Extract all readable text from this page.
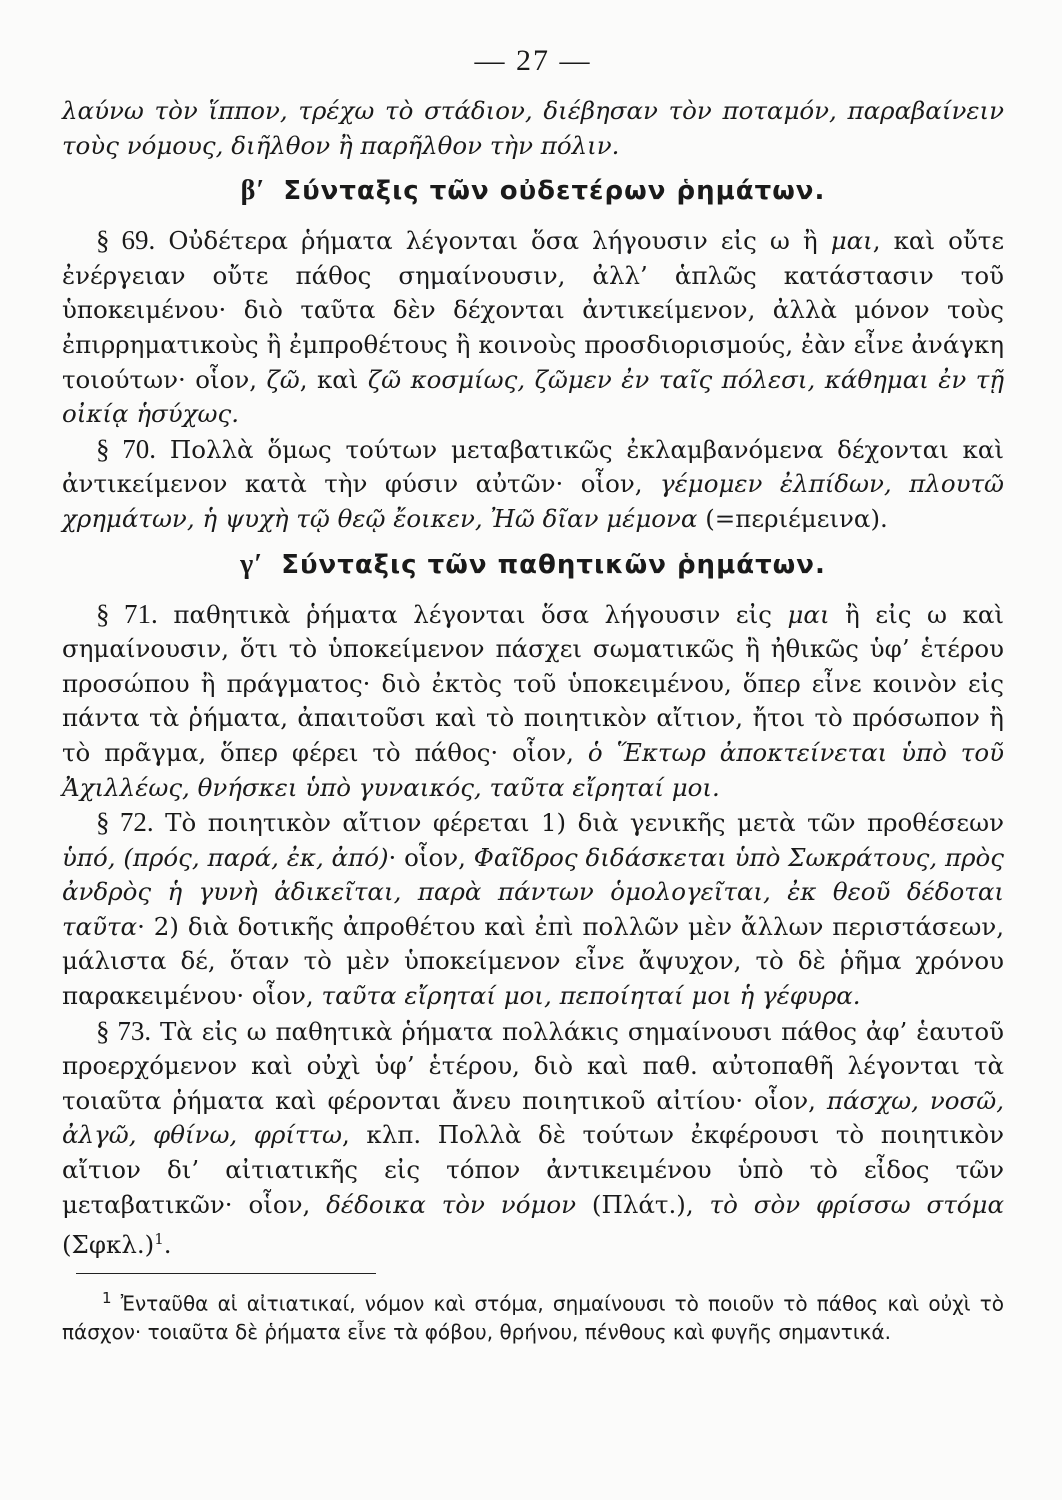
— 27 —

λαύνω τὸν ἵππον, τρέχω τὸ στάδιον, διέβησαν τὸν ποταμόν, παραβαίνειν τοὺς νόμους, διῆλθον ἢ παρῆλθον τὴν πόλιν.

β′ Σύνταξις τῶν οὐδετέρων ῥημάτων.

§ 69. Οὐδέτερα ῥήματα λέγονται ὅσα λήγουσιν εἰς ω ἢ μαι, καὶ οὔτε ἐνέργειαν οὔτε πάθος σημαίνουσιν, ἀλλ’ ἁπλῶς κατάστασιν τοῦ ὑποκειμένου· διὸ ταῦτα δὲν δέχονται ἀντικείμενον, ἀλλὰ μόνον τοὺς ἐπιρρηματικοὺς ἢ ἐμπροθέτους ἢ κοινοὺς προσδιορισμούς, ἐὰν εἶνε ἀνάγκη τοιούτων· οἷον, ζῶ, καὶ ζῶ κοσμίως, ζῶμεν ἐν ταῖς πόλεσι, κάθημαι ἐν τῇ οἰκίᾳ ἡσύχως.

§ 70. Πολλὰ ὅμως τούτων μεταβατικῶς ἐκλαμβανόμενα δέχονται καὶ ἀντικείμενον κατὰ τὴν φύσιν αὐτῶν· οἷον, γέμομεν ἐλπίδων, πλουτῶ χρημάτων, ἡ ψυχὴ τῷ θεῷ ἔοικεν, Ἠῶ δῖαν μέμονα (=περιέμεινα).

γ′ Σύνταξις τῶν παθητικῶν ῥημάτων.

§ 71. παθητικὰ ῥήματα λέγονται ὅσα λήγουσιν εἰς μαι ἢ εἰς ω καὶ σημαίνουσιν, ὅτι τὸ ὑποκείμενον πάσχει σωματικῶς ἢ ἠθικῶς ὑφ’ ἑτέρου προσώπου ἢ πράγματος· διὸ ἐκτὸς τοῦ ὑποκειμένου, ὅπερ εἶνε κοινὸν εἰς πάντα τὰ ῥήματα, ἀπαιτοῦσι καὶ τὸ ποιητικὸν αἴτιον, ἤτοι τὸ πρόσωπον ἢ τὸ πρᾶγμα, ὅπερ φέρει τὸ πάθος· οἷον, ὁ Ἕκτωρ ἀποκτείνεται ὑπὸ τοῦ Ἀχιλλέως, θνήσκει ὑπὸ γυναικός, ταῦτα εἴρηταί μοι.

§ 72. Τὸ ποιητικὸν αἴτιον φέρεται 1) διὰ γενικῆς μετὰ τῶν προθέσεων ὑπό, (πρός, παρά, ἐκ, ἀπό)· οἷον, Φαῖδρος διδάσκεται ὑπὸ Σωκράτους, πρὸς ἀνδρὸς ἡ γυνὴ ἀδικεῖται, παρὰ πάντων ὁμολογεῖται, ἐκ θεοῦ δέδοται ταῦτα· 2) διὰ δοτικῆς ἀπροθέτου καὶ ἐπὶ πολλῶν μὲν ἄλλων περιστάσεων, μάλιστα δέ, ὅταν τὸ μὲν ὑποκείμενον εἶνε ἄψυχον, τὸ δὲ ῥῆμα χρόνου παρακειμένου· οἷον, ταῦτα εἴρηταί μοι, πεποίηταί μοι ἡ γέφυρα.

§ 73. Τὰ εἰς ω παθητικὰ ῥήματα πολλάκις σημαίνουσι πάθος ἀφ’ ἑαυτοῦ προερχόμενον καὶ οὐχὶ ὑφ’ ἑτέρου, διὸ καὶ παθ. αὐτοπαθῆ λέγονται τὰ τοιαῦτα ῥήματα καὶ φέρονται ἄνευ ποιητικοῦ αἰτίου· οἷον, πάσχω, νοσῶ, ἀλγῶ, φθίνω, φρίττω, κλπ. Πολλὰ δὲ τούτων ἐκφέρουσι τὸ ποιητικὸν αἴτιον δι’ αἰτιατικῆς εἰς τόπον ἀντικειμένου ὑπὸ τὸ εἶδος τῶν μεταβατικῶν· οἷον, δέδοικα τὸν νόμον (Πλάτ.), τὸ σὸν φρίσσω στόμα $(\Sigma\varphi\kappa\lambda.)^1$.

$^1$ Ἐνταῦθα αἱ αἰτιατικαί, νόμον καὶ στόμα, σημαίνουσι τὸ ποιοῦν τὸ πάθος καὶ οὐχὶ τὸ πάσχον· τοιαῦτα δὲ ῥήματα εἶνε τὰ φόβου, θρήνου, πένθους καὶ φυγῆς σημαντικά.
